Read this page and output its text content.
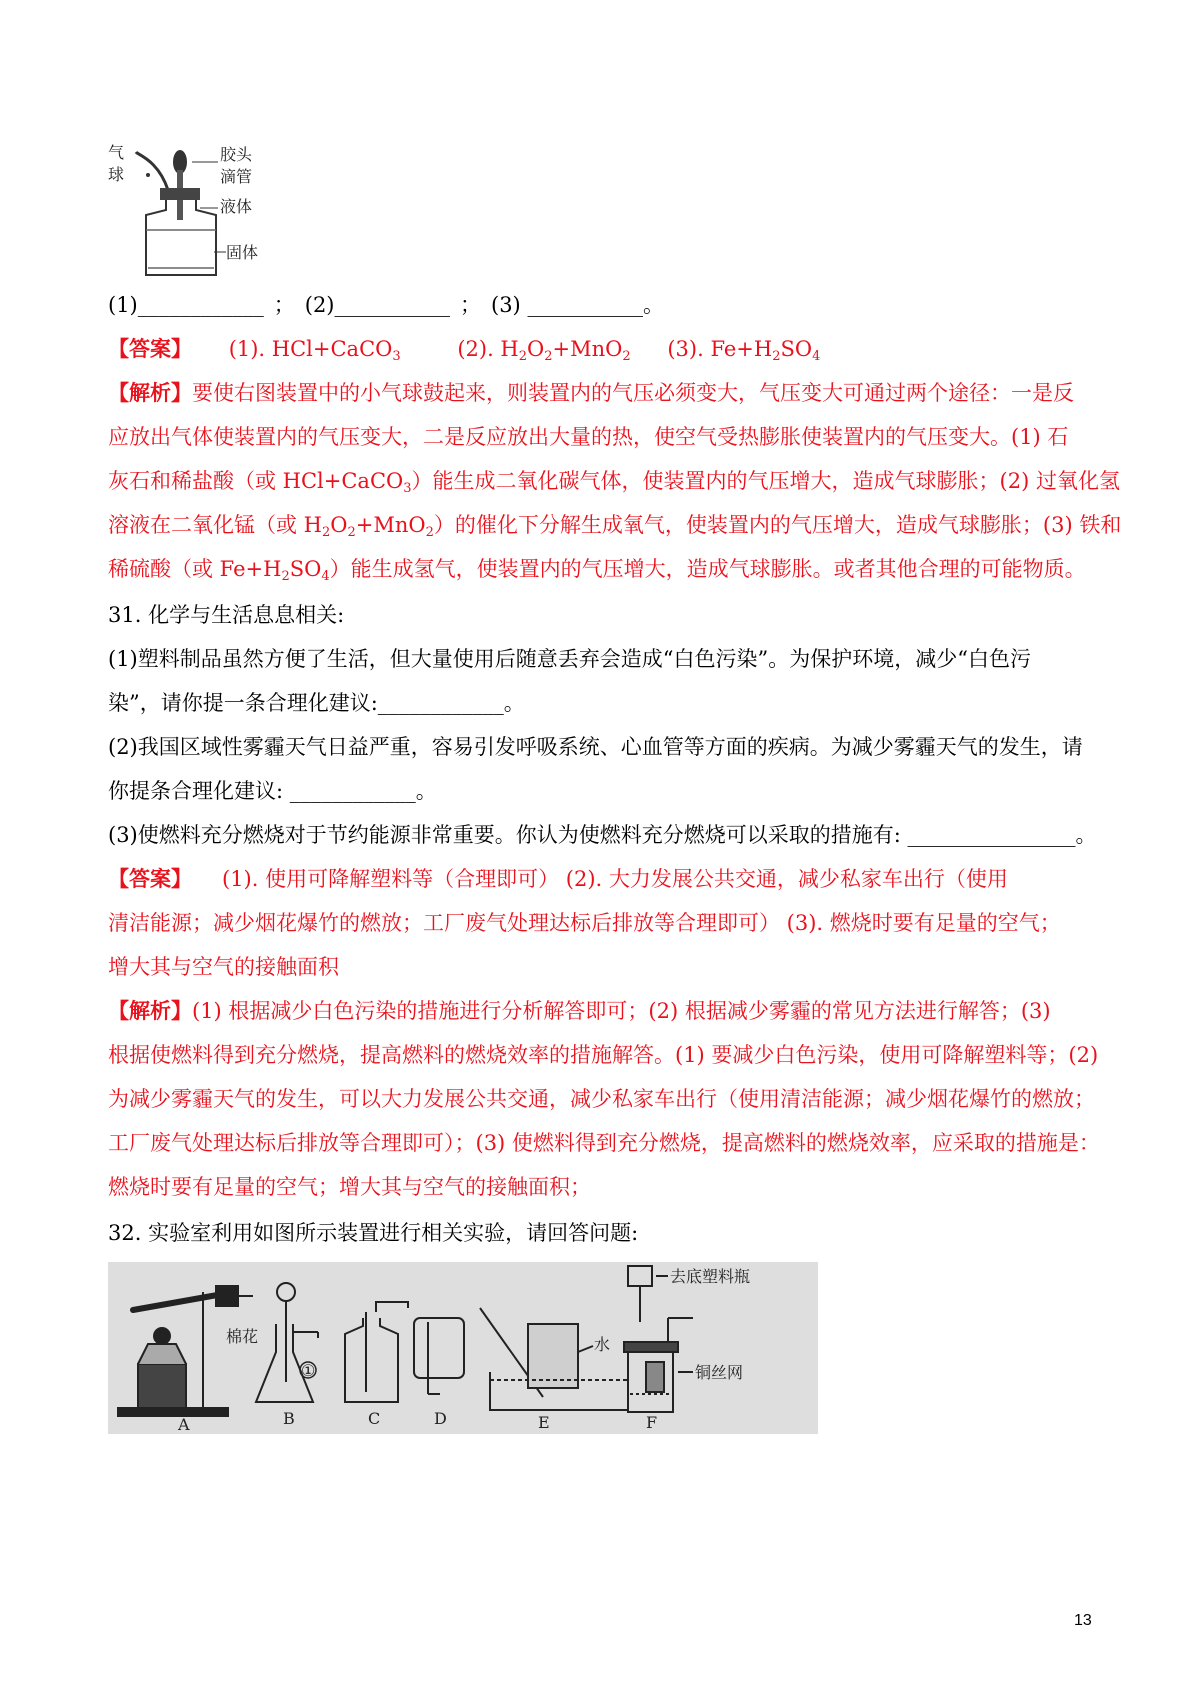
气
球
胶头
滴管
液体
固体
(1)____________ ； (2)___________ ； (3) ___________。
【答案】 (1). HCl+CaCO$_3$	(2). $H_2O_2+MnO_2$ (3). $Fe+H_2SO_4$
【解析】要使右图装置中的小气球鼓起来，则装置内的气压必须变大，气压变大可通过两个途径：一是反
应放出气体使装置内的气压变大，二是反应放出大量的热，使空气受热膨胀使装置内的气压变大。(1) 石
灰石和稀盐酸（或 HCl+CaCO$_3$）能生成二氧化碳气体，使装置内的气压增大，造成气球膨胀；(2) 过氧化氢
溶液在二氧化锰（或 $H_2O_2+MnO_2$）的催化下分解生成氧气，使装置内的气压增大，造成气球膨胀；(3) 铁和
稀硫酸（或 $Fe+H_2SO_4$）能生成氢气，使装置内的气压增大，造成气球膨胀。或者其他合理的可能物质。
31. 化学与生活息息相关:
(1)塑料制品虽然方便了生活，但大量使用后随意丢弃会造成“白色污染”。为保护环境，减少“白色污
染”，请你提一条合理化建议:____________。
(2)我国区域性雾霾天气日益严重，容易引发呼吸系统、心血管等方面的疾病。为减少雾霾天气的发生，请
你提条合理化建议: ____________。
(3)使燃料充分燃烧对于节约能源非常重要。你认为使燃料充分燃烧可以采取的措施有: ________________。
【答案】 (1). 使用可降解塑料等（合理即可） (2). 大力发展公共交通，减少私家车出行（使用
清洁能源；减少烟花爆竹的燃放；工厂废气处理达标后排放等合理即可） (3). 燃烧时要有足量的空气；
增大其与空气的接触面积
【解析】(1) 根据减少白色污染的措施进行分析解答即可；(2) 根据减少雾霾的常见方法进行解答；(3)
根据使燃料得到充分燃烧，提高燃料的燃烧效率的措施解答。(1) 要减少白色污染，使用可降解塑料等；(2)
为减少雾霾天气的发生，可以大力发展公共交通，减少私家车出行（使用清洁能源；减少烟花爆竹的燃放；
工厂废气处理达标后排放等合理即可）；(3) 使燃料得到充分燃烧，提高燃料的燃烧效率，应采取的措施是：
燃烧时要有足量的空气；增大其与空气的接触面积；
32. 实验室利用如图所示装置进行相关实验，请回答问题:
棉花
①
水
去底塑料瓶
铜丝网
A	B	C	D	E	F
13
